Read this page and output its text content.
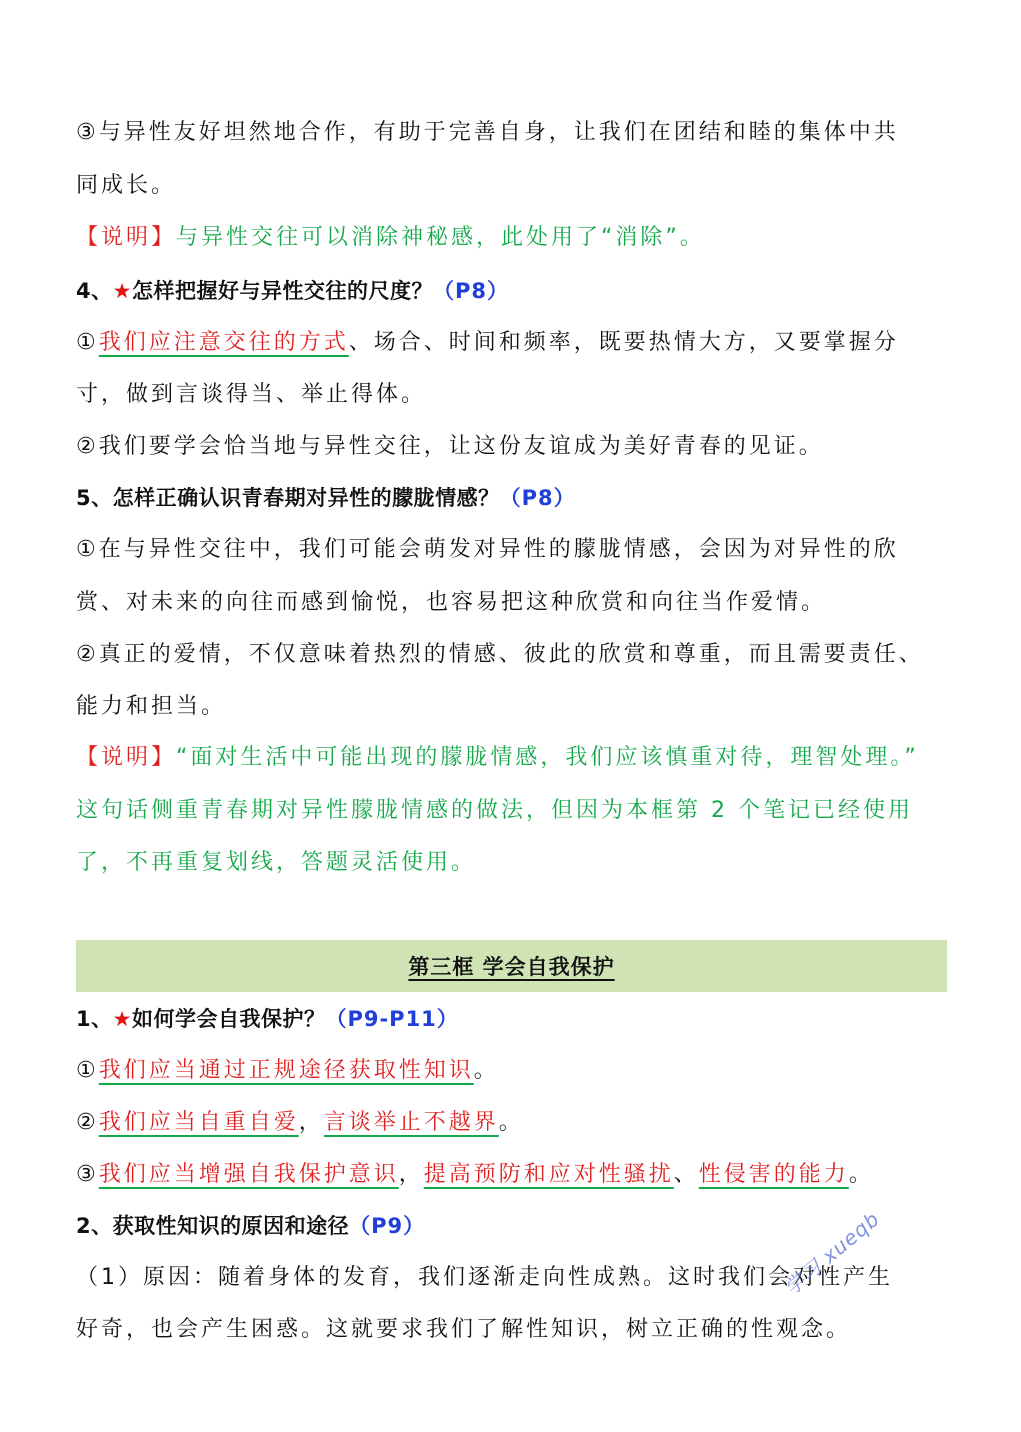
③与异性友好坦然地合作，有助于完善自身，让我们在团结和睦的集体中共
同成长。
【说明】与异性交往可以消除神秘感，此处用了“消除”。
4、★怎样把握好与异性交往的尺度？（P8）
①我们应注意交往的方式、场合、时间和频率，既要热情大方，又要掌握分
寸，做到言谈得当、举止得体。
②我们要学会恰当地与异性交往，让这份友谊成为美好青春的见证。
5、怎样正确认识青春期对异性的朦胧情感？（P8）
①在与异性交往中，我们可能会萌发对异性的朦胧情感，会因为对异性的欣
赏、对未来的向往而感到愉悦，也容易把这种欣赏和向往当作爱情。
②真正的爱情，不仅意味着热烈的情感、彼此的欣赏和尊重，而且需要责任、
能力和担当。
【说明】“面对生活中可能出现的朦胧情感，我们应该慎重对待，理智处理。”
这句话侧重青春期对异性朦胧情感的做法，但因为本框第 2 个笔记已经使用
了，不再重复划线，答题灵活使用。
第三框 学会自我保护
1、★如何学会自我保护？（P9-P11）
①我们应当通过正规途径获取性知识。
②我们应当自重自爱，言谈举止不越界。
③我们应当增强自我保护意识，提高预防和应对性骚扰、性侵害的能力。
2、获取性知识的原因和途径（P9）
（1）原因：随着身体的发育，我们逐渐走向性成熟。这时我们会对性产生
好奇，也会产生困惑。这就要求我们了解性知识，树立正确的性观念。
学习 xueqb
